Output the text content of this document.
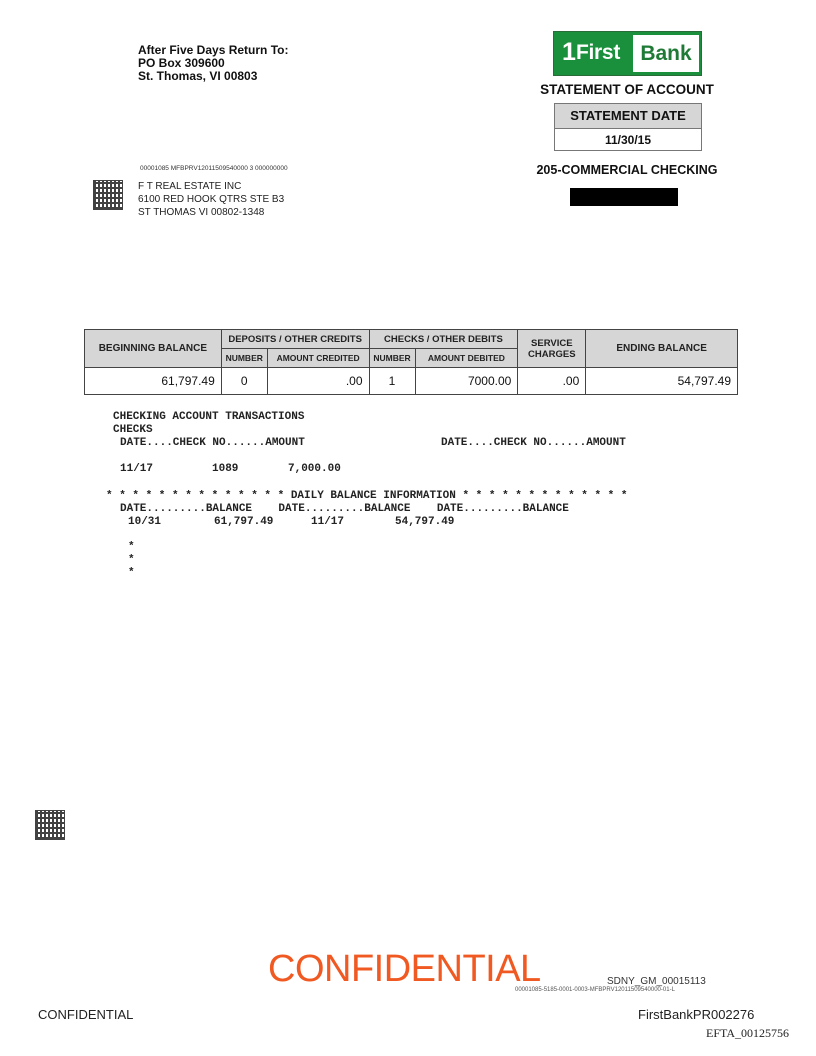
After Five Days Return To:
PO Box 309600
St. Thomas, VI 00803
1 First Bank
STATEMENT OF ACCOUNT
STATEMENT DATE
11/30/15
205-COMMERCIAL CHECKING
00001085 MFBPRV12011509540000 3 000000000
F T REAL ESTATE INC
6100 RED HOOK QTRS STE B3
ST THOMAS VI 00802-1348
BEGINNING BALANCE	DEPOSITS / OTHER CREDITS		CHECKS / OTHER DEBITS		SERVICE CHARGES	ENDING BALANCE
	NUMBER	AMOUNT CREDITED	NUMBER	AMOUNT DEBITED		
61,797.49	0	.00	1	7000.00	.00	54,797.49
CHECKING ACCOUNT TRANSACTIONS
CHECKS
DATE....CHECK NO......AMOUNT	DATE....CHECK NO......AMOUNT
11/17	1089	7,000.00
* * * * * * * * * * * * * * DAILY BALANCE INFORMATION * * * * * * * * * * * * *
DATE.........BALANCE    DATE.........BALANCE    DATE.........BALANCE
10/31	61,797.49	11/17	54,797.49
*
*
*
CONFIDENTIAL	SDNY_GM_00015113
00001085-5185-0001-0003-MFBPRV12011509540000-01-L
CONFIDENTIAL	FirstBankPR002276
EFTA_00125756
